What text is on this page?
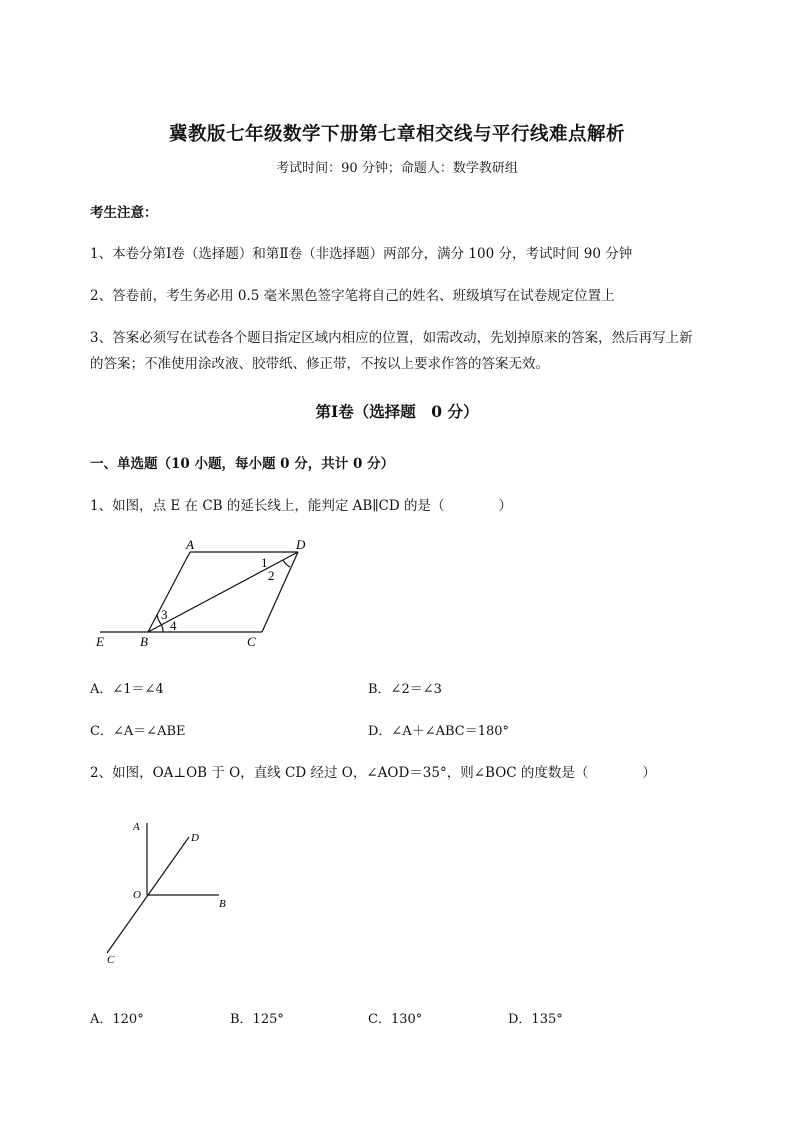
冀教版七年级数学下册第七章相交线与平行线难点解析
考试时间：90 分钟；命题人：数学教研组
考生注意：
1、本卷分第Ⅰ卷（选择题）和第Ⅱ卷（非选择题）两部分，满分 100 分，考试时间 90 分钟
2、答卷前，考生务必用 0.5 毫米黑色签字笔将自己的姓名、班级填写在试卷规定位置上
3、答案必须写在试卷各个题目指定区域内相应的位置，如需改动，先划掉原来的答案，然后再写上新
的答案；不准使用涂改液、胶带纸、修正带，不按以上要求作答的答案无效。
第Ⅰ卷（选择题　0 分）
一、单选题（10 小题，每小题 0 分，共计 0 分）
1、如图，点 E 在 CB 的延长线上，能判定 AB∥CD 的是（　　　　）
A	D
E	B	C
1
2
3
4
A．∠1＝∠4	B．∠2＝∠3
C．∠A＝∠ABE	D．∠A＋∠ABC＝180°
2、如图，OA⊥OB 于 O，直线 CD 经过 O，∠AOD＝35°，则∠BOC 的度数是（　　　　）
A
D
O
B
C
A．120°	B．125°	C．130°	D．135°
